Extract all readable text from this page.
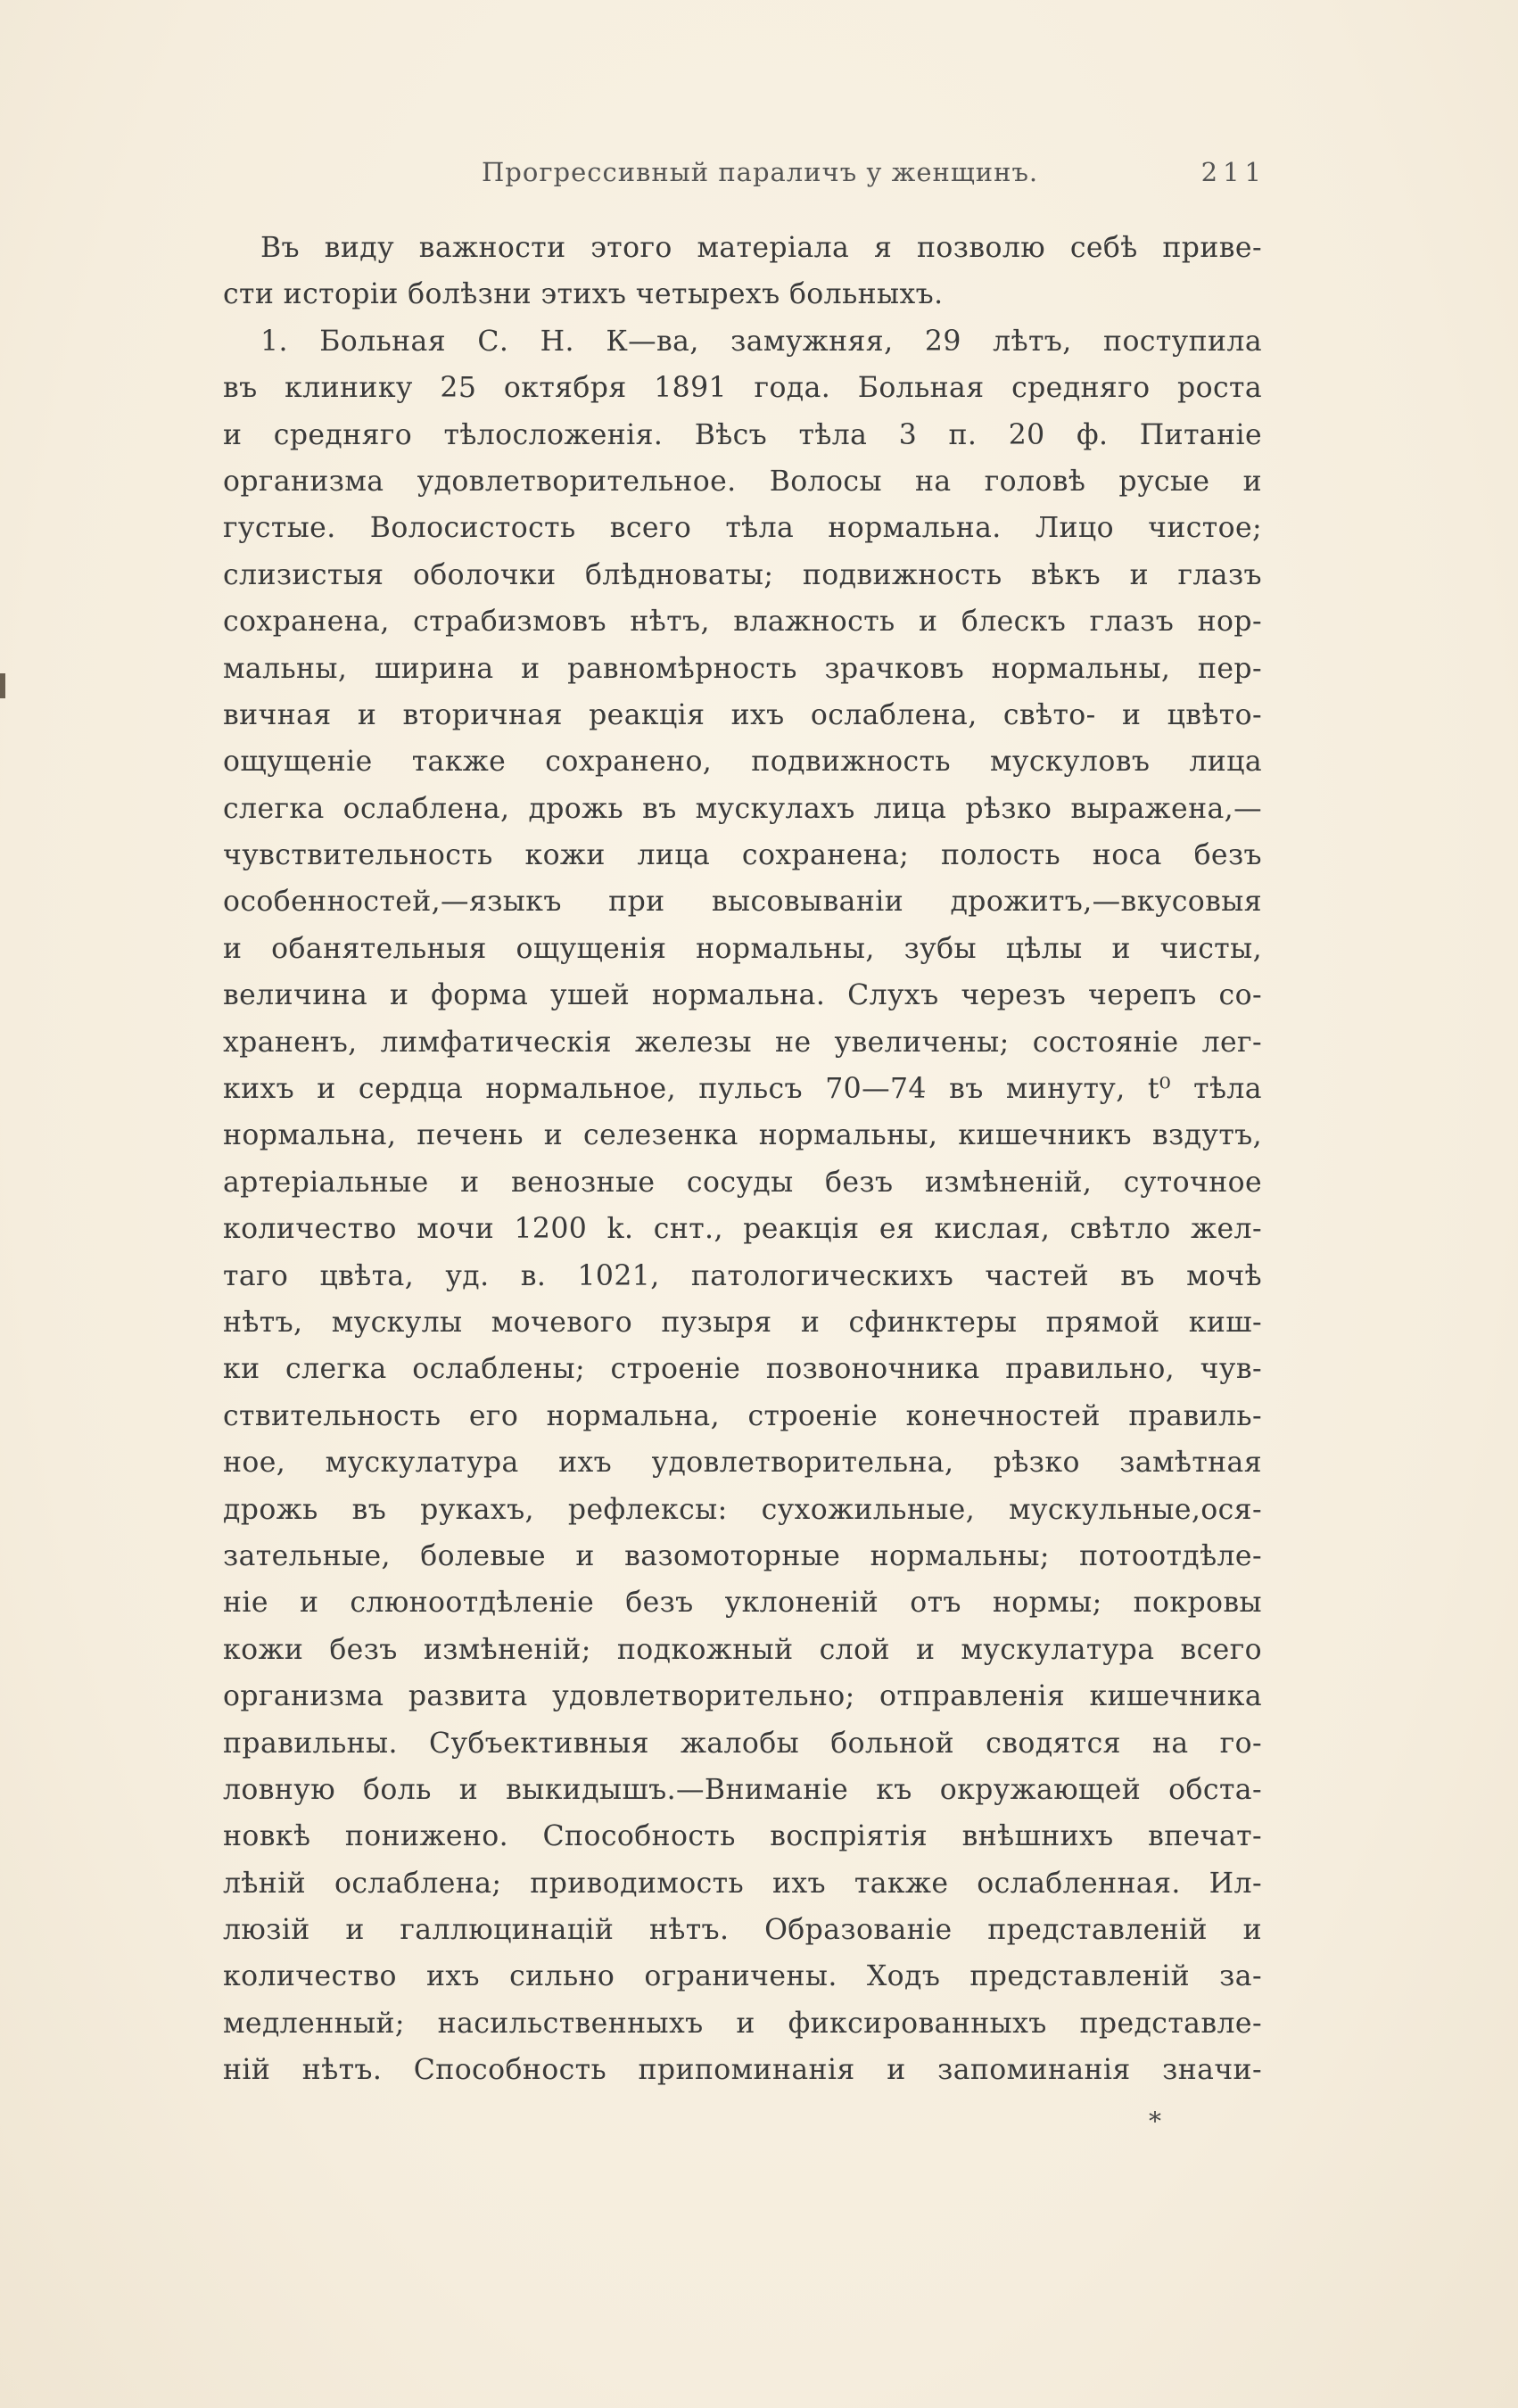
Прогрессивный параличъ у женщинъ.	211
Въ виду важности этого матеріала я позволю себѣ приве-
сти исторіи болѣзни этихъ четырехъ больныхъ.
1. Больная С. Н. К—ва, замужняя, 29 лѣтъ, поступила
въ клинику 25 октября 1891 года. Больная средняго роста
и средняго тѣлосложенія. Вѣсъ тѣла 3 п. 20 ф. Питаніе
организма удовлетворительное. Волосы на головѣ русые и
густые. Волосистость всего тѣла нормальна. Лицо чистое;
слизистыя оболочки блѣдноваты; подвижность вѣкъ и глазъ
сохранена, страбизмовъ нѣтъ, влажность и блескъ глазъ нор-
мальны, ширина и равномѣрность зрачковъ нормальны, пер-
вичная и вторичная реакція ихъ ослаблена, свѣто- и цвѣто-
ощущеніе также сохранено, подвижность мускуловъ лица
слегка ослаблена, дрожь въ мускулахъ лица рѣзко выражена,—
чувствительность кожи лица сохранена; полость носа безъ
особенностей,—языкъ при высовываніи дрожитъ,—вкусовыя
и обанятельныя ощущенія нормальны, зубы цѣлы и чисты,
величина и форма ушей нормальна. Слухъ черезъ черепъ со-
храненъ, лимфатическія железы не увеличены; состояніе лег-
кихъ и сердца нормальное, пульсъ 70—74 въ минуту, t⁰ тѣла
нормальна, печень и селезенка нормальны, кишечникъ вздутъ,
артеріальные и венозные сосуды безъ измѣненій, суточное
количество мочи 1200 k. снт., реакція ея кислая, свѣтло жел-
таго цвѣта, уд. в. 1021, патологическихъ частей въ мочѣ
нѣтъ, мускулы мочевого пузыря и сфинктеры прямой киш-
ки слегка ослаблены; строеніе позвоночника правильно, чув-
ствительность его нормальна, строеніе конечностей правиль-
ное, мускулатура ихъ удовлетворительна, рѣзко замѣтная
дрожь въ рукахъ, рефлексы: сухожильные, мускульные,ося-
зательные, болевые и вазомоторные нормальны; потоотдѣле-
ніе и слюноотдѣленіе безъ уклоненій отъ нормы; покровы
кожи безъ измѣненій; подкожный слой и мускулатура всего
организма развита удовлетворительно; отправленія кишечника
правильны. Субъективныя жалобы больной сводятся на го-
ловную боль и выкидышъ.—Вниманіе къ окружающей обста-
новкѣ понижено. Способность воспріятія внѣшнихъ впечат-
лѣній ослаблена; приводимость ихъ также ослабленная. Ил-
люзій и галлюцинацій нѣтъ. Образованіе представленій и
количество ихъ сильно ограничены. Ходъ представленій за-
медленный; насильственныхъ и фиксированныхъ представле-
ній нѣтъ. Способность припоминанія и запоминанія значи-
*
